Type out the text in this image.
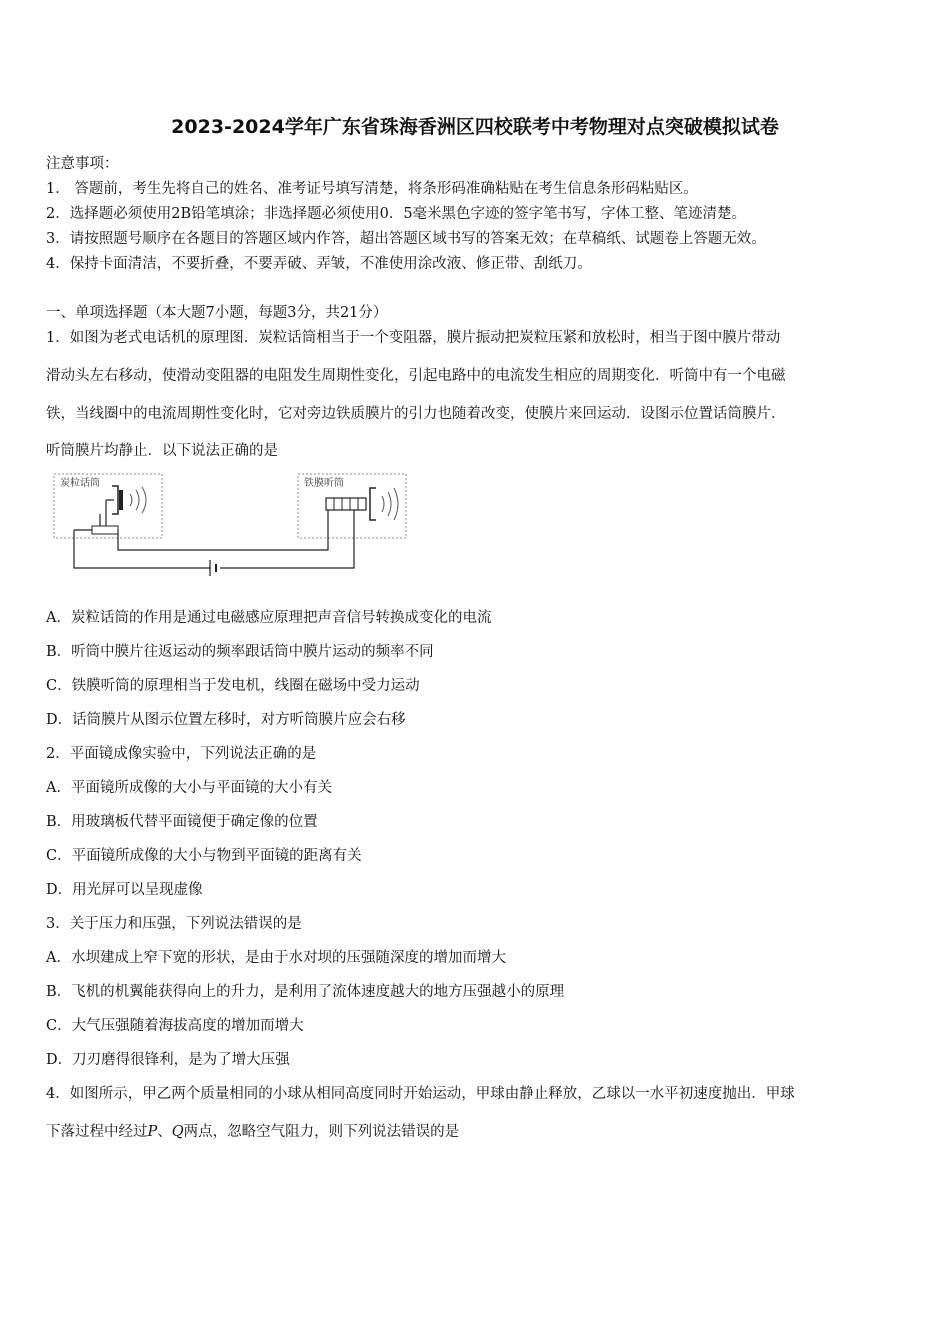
2023-2024学年广东省珠海香洲区四校联考中考物理对点突破模拟试卷
注意事项：
1． 答题前，考生先将自己的姓名、准考证号填写清楚，将条形码准确粘贴在考生信息条形码粘贴区。
2．选择题必须使用2B铅笔填涂；非选择题必须使用0．5毫米黑色字迹的签字笔书写，字体工整、笔迹清楚。
3．请按照题号顺序在各题目的答题区域内作答，超出答题区域书写的答案无效；在草稿纸、试题卷上答题无效。
4．保持卡面清洁，不要折叠，不要弄破、弄皱，不准使用涂改液、修正带、刮纸刀。
一、单项选择题（本大题7小题，每题3分，共21分）
1．如图为老式电话机的原理图．炭粒话筒相当于一个变阻器，膜片振动把炭粒压紧和放松时，相当于图中膜片带动
滑动头左右移动，使滑动变阻器的电阻发生周期性变化，引起电路中的电流发生相应的周期变化．听筒中有一个电磁
铁，当线圈中的电流周期性变化时，它对旁边铁质膜片的引力也随着改变，使膜片来回运动．设图示位置话筒膜片．
听筒膜片均静止．以下说法正确的是
炭粒话筒	铁膜听筒
A．炭粒话筒的作用是通过电磁感应原理把声音信号转换成变化的电流
B．听筒中膜片往返运动的频率跟话筒中膜片运动的频率不同
C．铁膜听筒的原理相当于发电机，线圈在磁场中受力运动
D．话筒膜片从图示位置左移时，对方听筒膜片应会右移
2．平面镜成像实验中，下列说法正确的是
A．平面镜所成像的大小与平面镜的大小有关
B．用玻璃板代替平面镜便于确定像的位置
C．平面镜所成像的大小与物到平面镜的距离有关
D．用光屏可以呈现虚像
3．关于压力和压强，下列说法错误的是
A．水坝建成上窄下宽的形状，是由于水对坝的压强随深度的增加而增大
B．飞机的机翼能获得向上的升力，是利用了流体速度越大的地方压强越小的原理
C．大气压强随着海拔高度的增加而增大
D．刀刃磨得很锋利，是为了增大压强
4．如图所示，甲乙两个质量相同的小球从相同高度同时开始运动，甲球由静止释放，乙球以一水平初速度抛出．甲球
下落过程中经过P、Q两点，忽略空气阻力，则下列说法错误的是
